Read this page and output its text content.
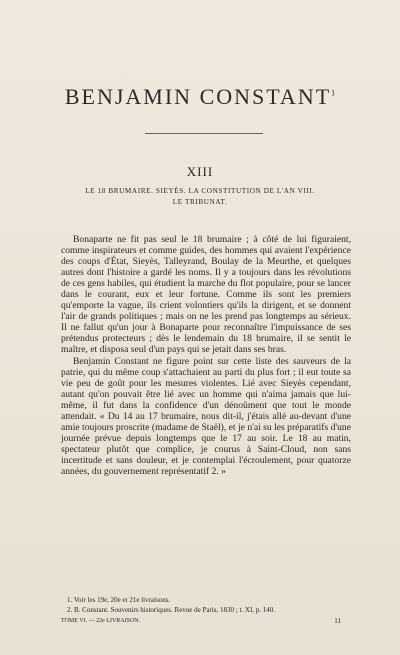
BENJAMIN CONSTANT$^1$
XIII
LE 18 BRUMAIRE. SIEYÈS. LA CONSTITUTION DE L'AN VIII.
LE TRIBUNAT.

Bonaparte ne fit pas seul le 18 brumaire ; à côté de lui figuraient, comme inspirateurs et comme guides, des hommes qui avaient l'expérience des coups d'État, Sieyès, Talleyrand, Boulay de la Meurthe, et quelques autres dont l'histoire a gardé les noms. Il y a toujours dans les révolutions de ces gens habiles, qui étudient la marche du flot populaire, pour se lancer dans le courant, eux et leur fortune. Comme ils sont les premiers qu'emporte la vague, ils crient volontiers qu'ils la dirigent, et se donnent l'air de grands politiques ; mais on ne les prend pas longtemps au sérieux. Il ne fallut qu'un jour à Bonaparte pour reconnaître l'impuissance de ses prétendus protecteurs ; dès le lendemain du 18 brumaire, il se sentit le maître, et disposa seul d'un pays qui se jetait dans ses bras.

Benjamin Constant ne figure point sur cette liste des sauveurs de la patrie, qui du même coup s'attachaient au parti du plus fort ; il eut toute sa vie peu de goût pour les mesures violentes. Lié avec Sieyès cependant, autant qu'on pouvait être lié avec un homme qui n'aima jamais que lui-même, il fut dans la confidence d'un dénoûment que tout le monde attendait. « Du 14 au 17 brumaire, nous dit-il, j'étais allé au-devant d'une amie toujours proscrite (madame de Staël), et je n'ai su les préparatifs d'une journée prévue depuis longtemps que le 17 au soir. Le 18 au matin, spectateur plutôt que complice, je courus à Saint-Cloud, non sans incertitude et sans douleur, et je contemplai l'écroulement, pour quatorze années, du gouvernement représentatif 2. »

1. Voir les 19e, 20e et 21e livraisons.
2. B. Constant. Souvenirs historiques. Revue de Paris, 1830 ; t. XI, p. 140.
TOME VI. — 22e LIVRAISON.	11
